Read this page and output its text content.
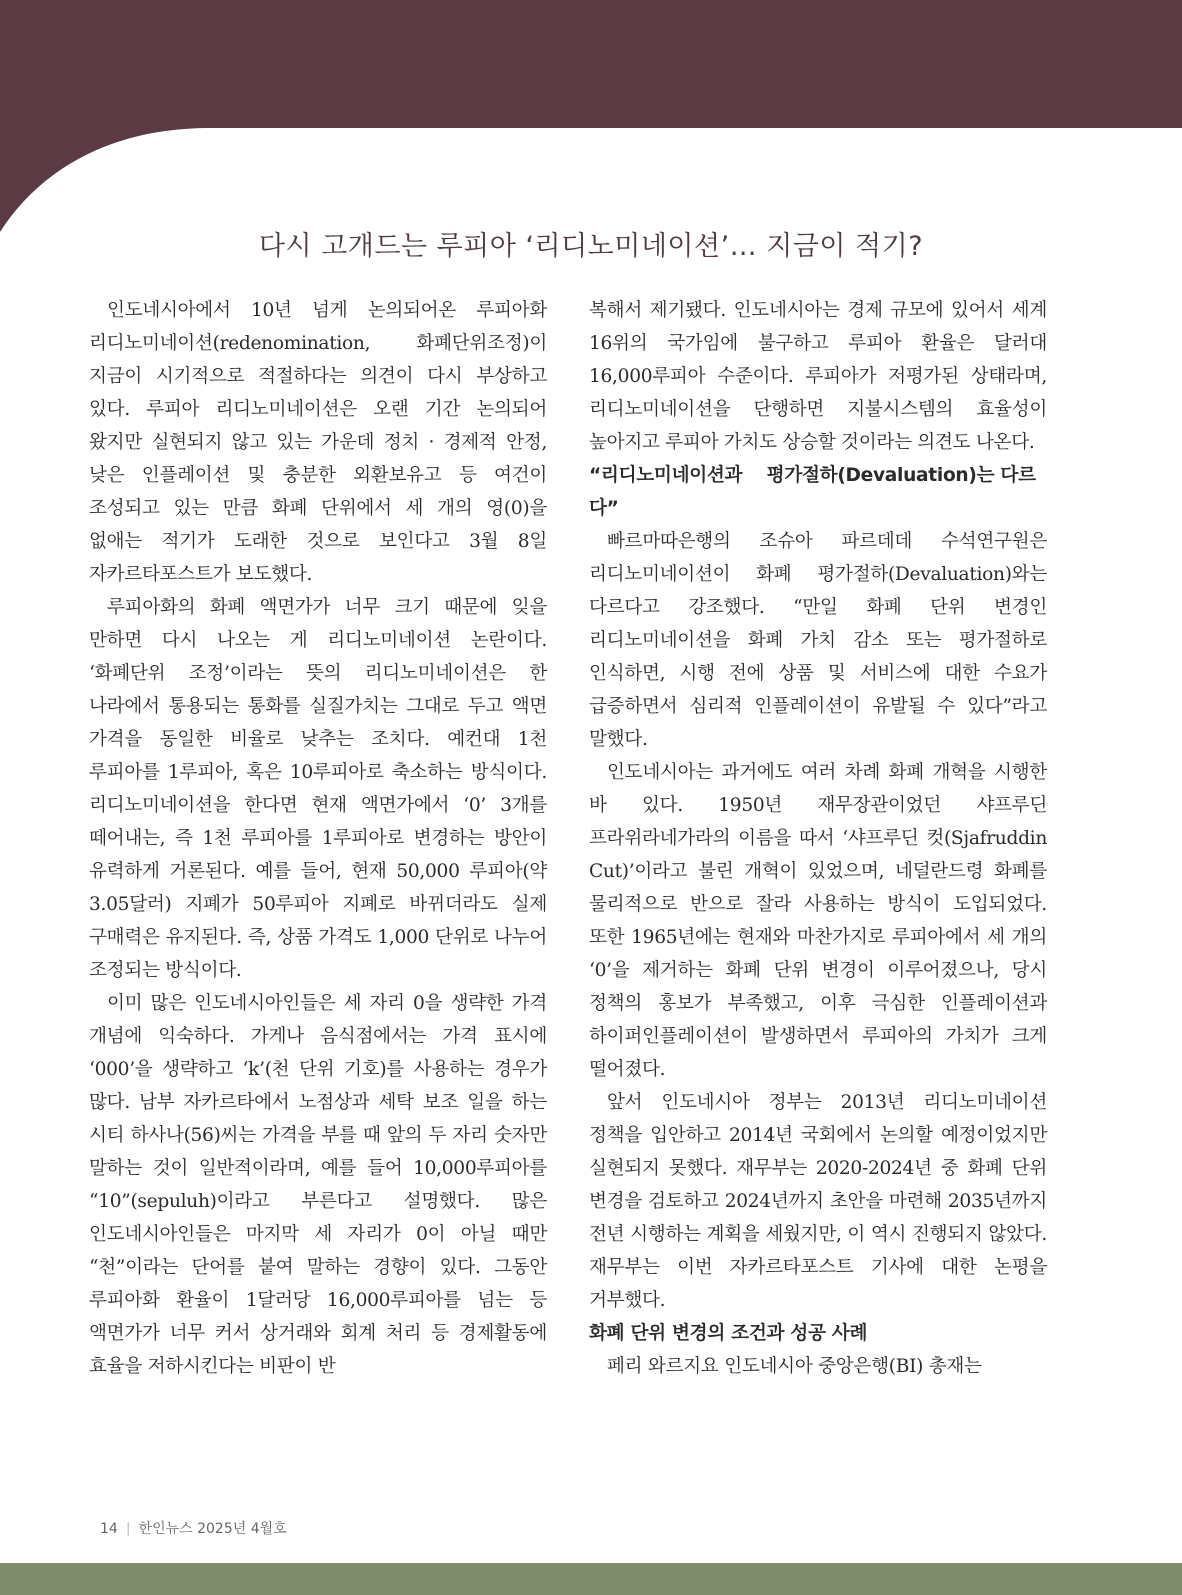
다시 고개드는 루피아 ‘리디노미네이션’… 지금이 적기?

인도네시아에서 10년 넘게 논의되어온 루피아화 리디노미네이션(redenomination, 화폐단위조정)이 지금이 시기적으로 적절하다는 의견이 다시 부상하고 있다. 루피아 리디노미네이션은 오랜 기간 논의되어 왔지만 실현되지 않고 있는 가운데 정치 · 경제적 안정, 낮은 인플레이션 및 충분한 외환보유고 등 여건이 조성되고 있는 만큼 화폐 단위에서 세 개의 영(0)을 없애는 적기가 도래한 것으로 보인다고 3월 8일 자카르타포스트가 보도했다.

루피아화의 화폐 액면가가 너무 크기 때문에 잊을 만하면 다시 나오는 게 리디노미네이션 논란이다. ‘화폐단위 조정’이라는 뜻의 리디노미네이션은 한 나라에서 통용되는 통화를 실질가치는 그대로 두고 액면 가격을 동일한 비율로 낮추는 조치다. 예컨대 1천 루피아를 1루피아, 혹은 10루피아로 축소하는 방식이다. 리디노미네이션을 한다면 현재 액면가에서 ‘0’ 3개를 떼어내는, 즉 1천 루피아를 1루피아로 변경하는 방안이 유력하게 거론된다. 예를 들어, 현재 50,000 루피아(약 3.05달러) 지폐가 50루피아 지폐로 바뀌더라도 실제 구매력은 유지된다. 즉, 상품 가격도 1,000 단위로 나누어 조정되는 방식이다.

이미 많은 인도네시아인들은 세 자리 0을 생략한 가격 개념에 익숙하다. 가게나 음식점에서는 가격 표시에 ‘000’을 생략하고 ‘k’(천 단위 기호)를 사용하는 경우가 많다. 남부 자카르타에서 노점상과 세탁 보조 일을 하는 시티 하사나(56)씨는 가격을 부를 때 앞의 두 자리 숫자만 말하는 것이 일반적이라며, 예를 들어 10,000루피아를 “10”(sepuluh)이라고 부른다고 설명했다. 많은 인도네시아인들은 마지막 세 자리가 0이 아닐 때만 “천”이라는 단어를 붙여 말하는 경향이 있다. 그동안 루피아화 환율이 1달러당 16,000루피아를 넘는 등 액면가가 너무 커서 상거래와 회계 처리 등 경제활동에 효율을 저하시킨다는 비판이 반

복해서 제기됐다. 인도네시아는 경제 규모에 있어서 세계 16위의 국가임에 불구하고 루피아 환율은 달러대 16,000루피아 수준이다. 루피아가 저평가된 상태라며, 리디노미네이션을 단행하면 지불시스템의 효율성이 높아지고 루피아 가치도 상승할 것이라는 의견도 나온다.

“리디노미네이션과 　평가절하(Devaluation)는 다르다”

빠르마따은행의 조슈아 파르데데 수석연구원은 리디노미네이션이 화폐 평가절하(Devaluation)와는 다르다고 강조했다. “만일 화폐 단위 변경인 리디노미네이션을 화폐 가치 감소 또는 평가절하로 인식하면, 시행 전에 상품 및 서비스에 대한 수요가 급증하면서 심리적 인플레이션이 유발될 수 있다”라고 말했다.

인도네시아는 과거에도 여러 차례 화폐 개혁을 시행한 바 있다. 1950년 재무장관이었던 샤프루딘 프라위라네가라의 이름을 따서 ‘샤프루딘 컷(Sjafruddin Cut)’이라고 불린 개혁이 있었으며, 네덜란드령 화폐를 물리적으로 반으로 잘라 사용하는 방식이 도입되었다. 또한 1965년에는 현재와 마찬가지로 루피아에서 세 개의 ‘0’을 제거하는 화폐 단위 변경이 이루어졌으나, 당시 정책의 홍보가 부족했고, 이후 극심한 인플레이션과 하이퍼인플레이션이 발생하면서 루피아의 가치가 크게 떨어졌다.

앞서 인도네시아 정부는 2013년 리디노미네이션 정책을 입안하고 2014년 국회에서 논의할 예정이었지만 실현되지 못했다. 재무부는 2020-2024년 중 화폐 단위 변경을 검토하고 2024년까지 초안을 마련해 2035년까지 전년 시행하는 계획을 세웠지만, 이 역시 진행되지 않았다. 재무부는 이번 자카르타포스트 기사에 대한 논평을 거부했다.

화폐 단위 변경의 조건과 성공 사례

페리 와르지요 인도네시아 중앙은행(BI) 총재는

14 | 한인뉴스 2025년 4월호
